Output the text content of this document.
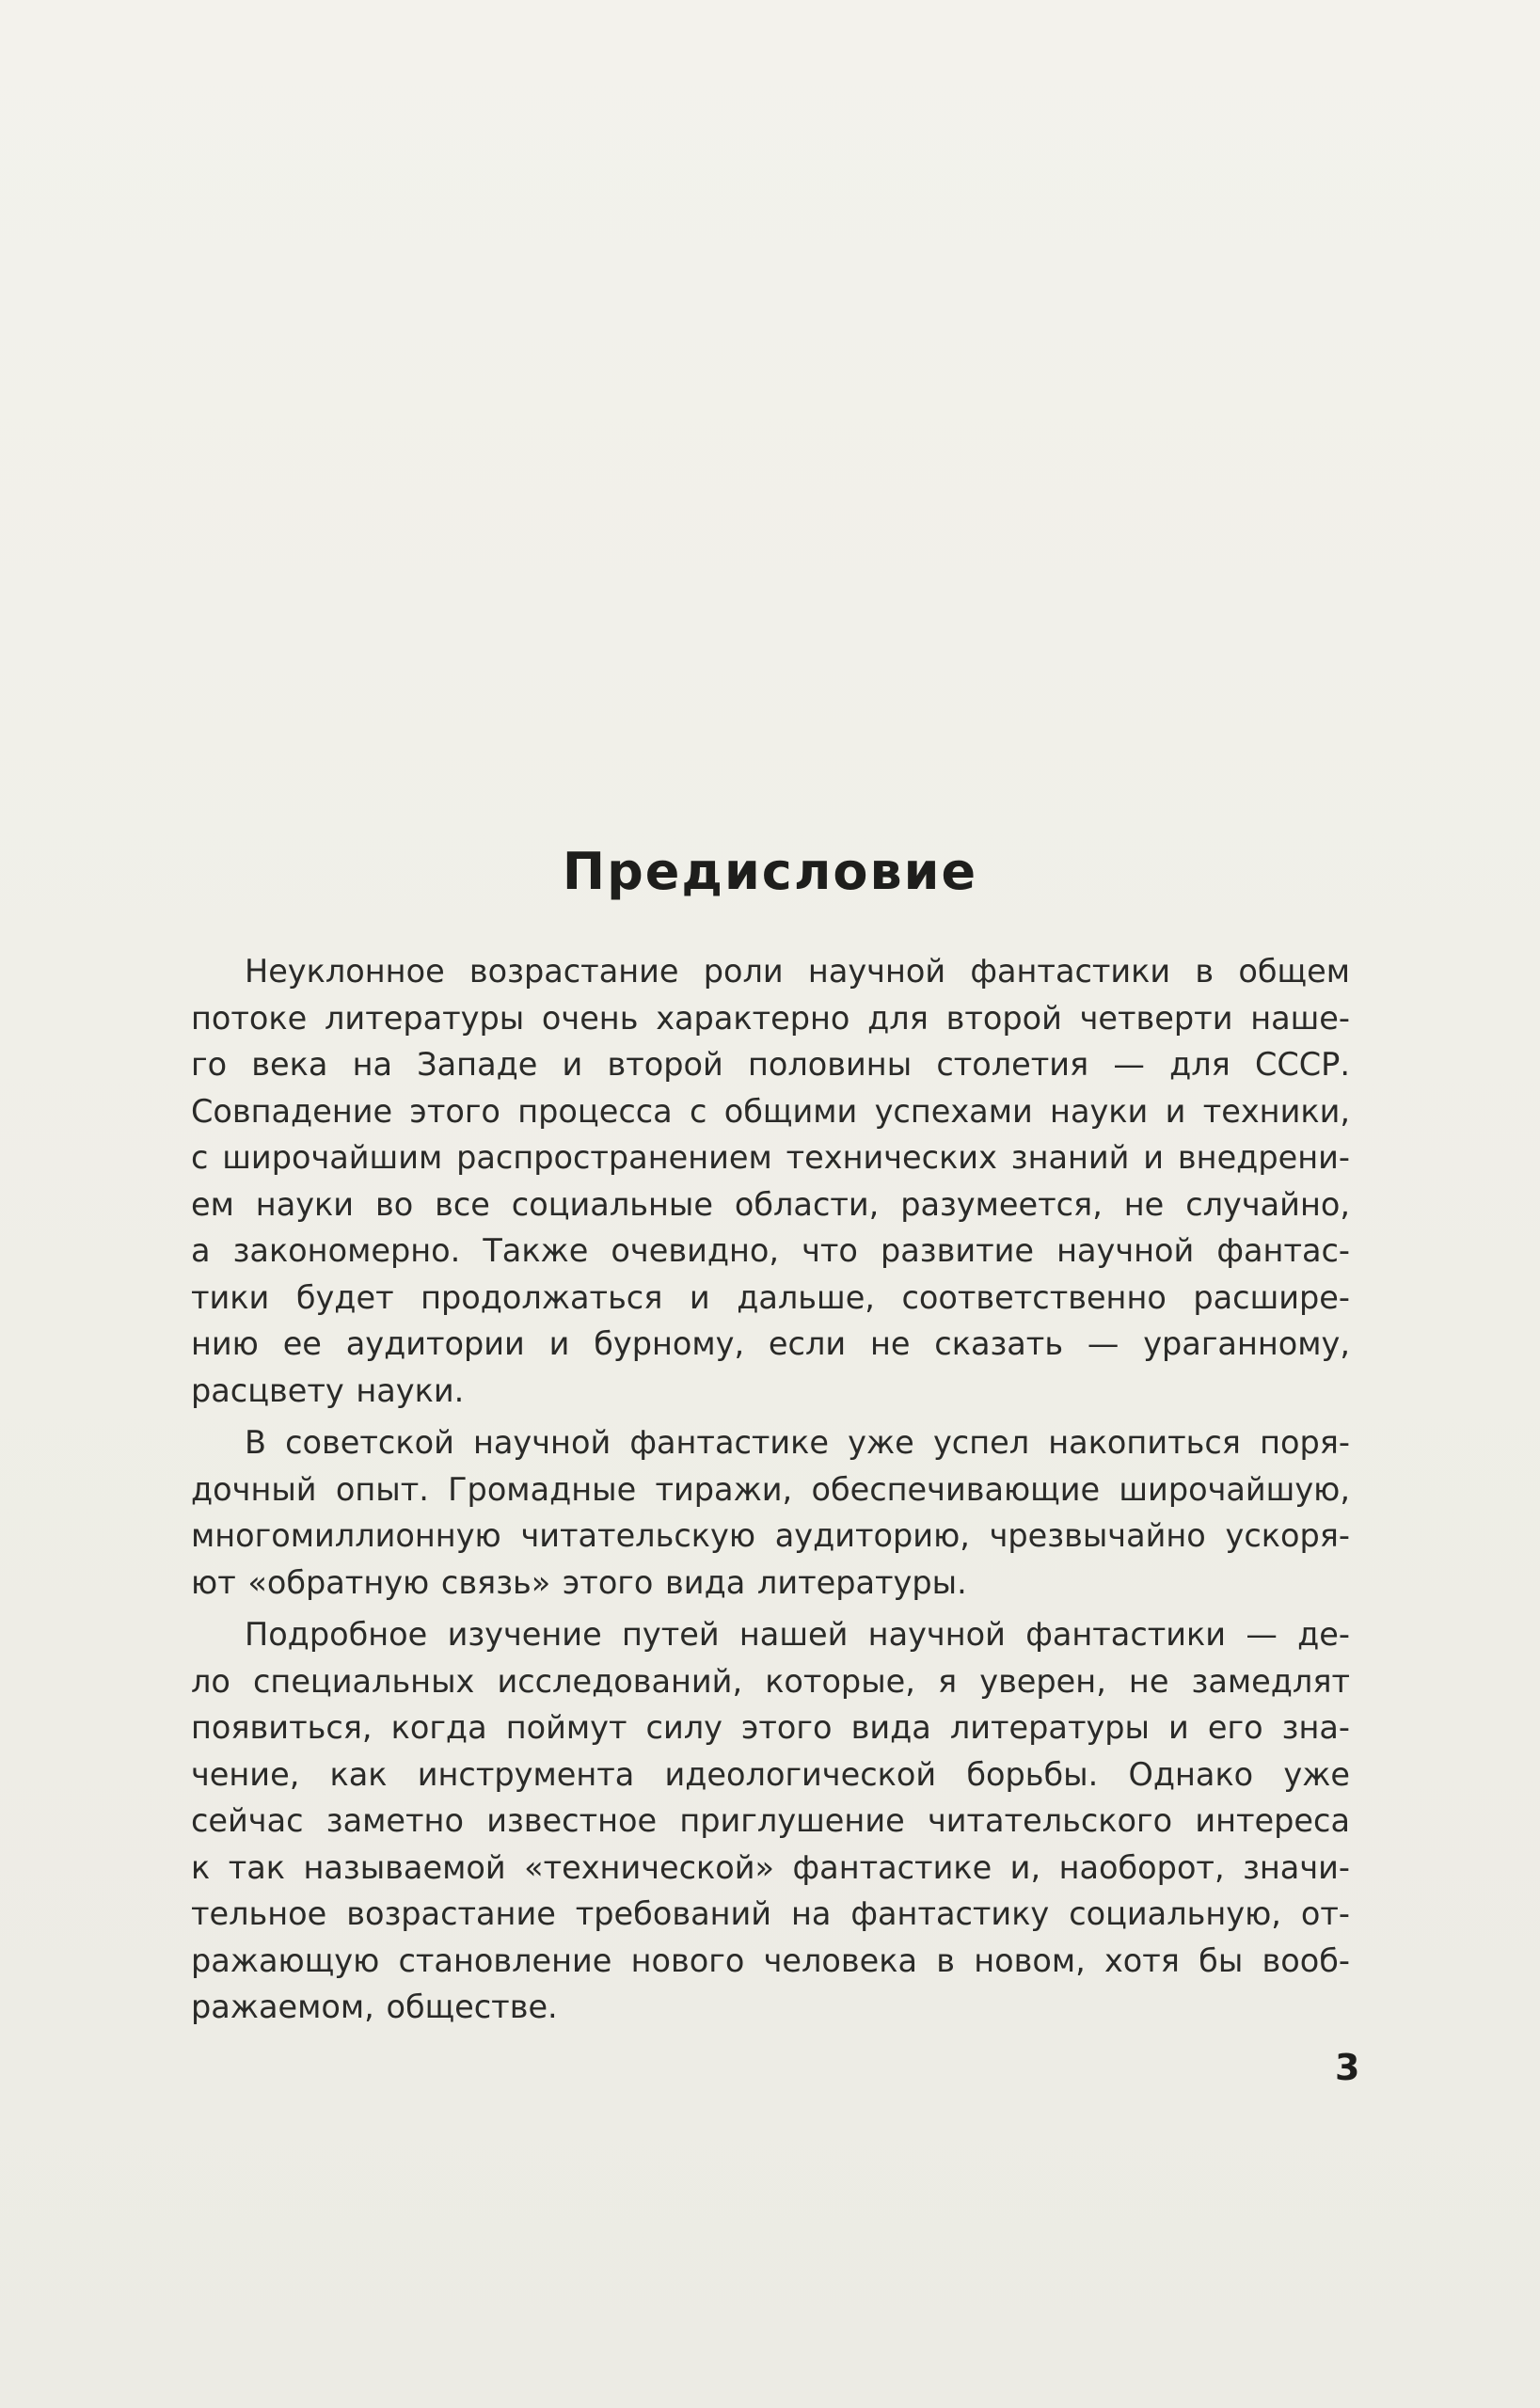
Предисловие
Неуклонное возрастание роли научной фантастики в общем
потоке литературы очень характерно для второй четверти наше-
го века на Западе и второй половины столетия — для СССР.
Совпадение этого процесса с общими успехами науки и техники,
с широчайшим распространением технических знаний и внедрени-
ем науки во все социальные области, разумеется, не случайно,
а закономерно. Также очевидно, что развитие научной фантас-
тики будет продолжаться и дальше, соответственно расшире-
нию ее аудитории и бурному, если не сказать — ураганному,
расцвету науки.
В советской научной фантастике уже успел накопиться поря-
дочный опыт. Громадные тиражи, обеспечивающие широчайшую,
многомиллионную читательскую аудиторию, чрезвычайно ускоря-
ют «обратную связь» этого вида литературы.
Подробное изучение путей нашей научной фантастики — де-
ло специальных исследований, которые, я уверен, не замедлят
появиться, когда поймут силу этого вида литературы и его зна-
чение, как инструмента идеологической борьбы. Однако уже
сейчас заметно известное приглушение читательского интереса
к так называемой «технической» фантастике и, наоборот, значи-
тельное возрастание требований на фантастику социальную, от-
ражающую становление нового человека в новом, хотя бы вооб-
ражаемом, обществе.
3
